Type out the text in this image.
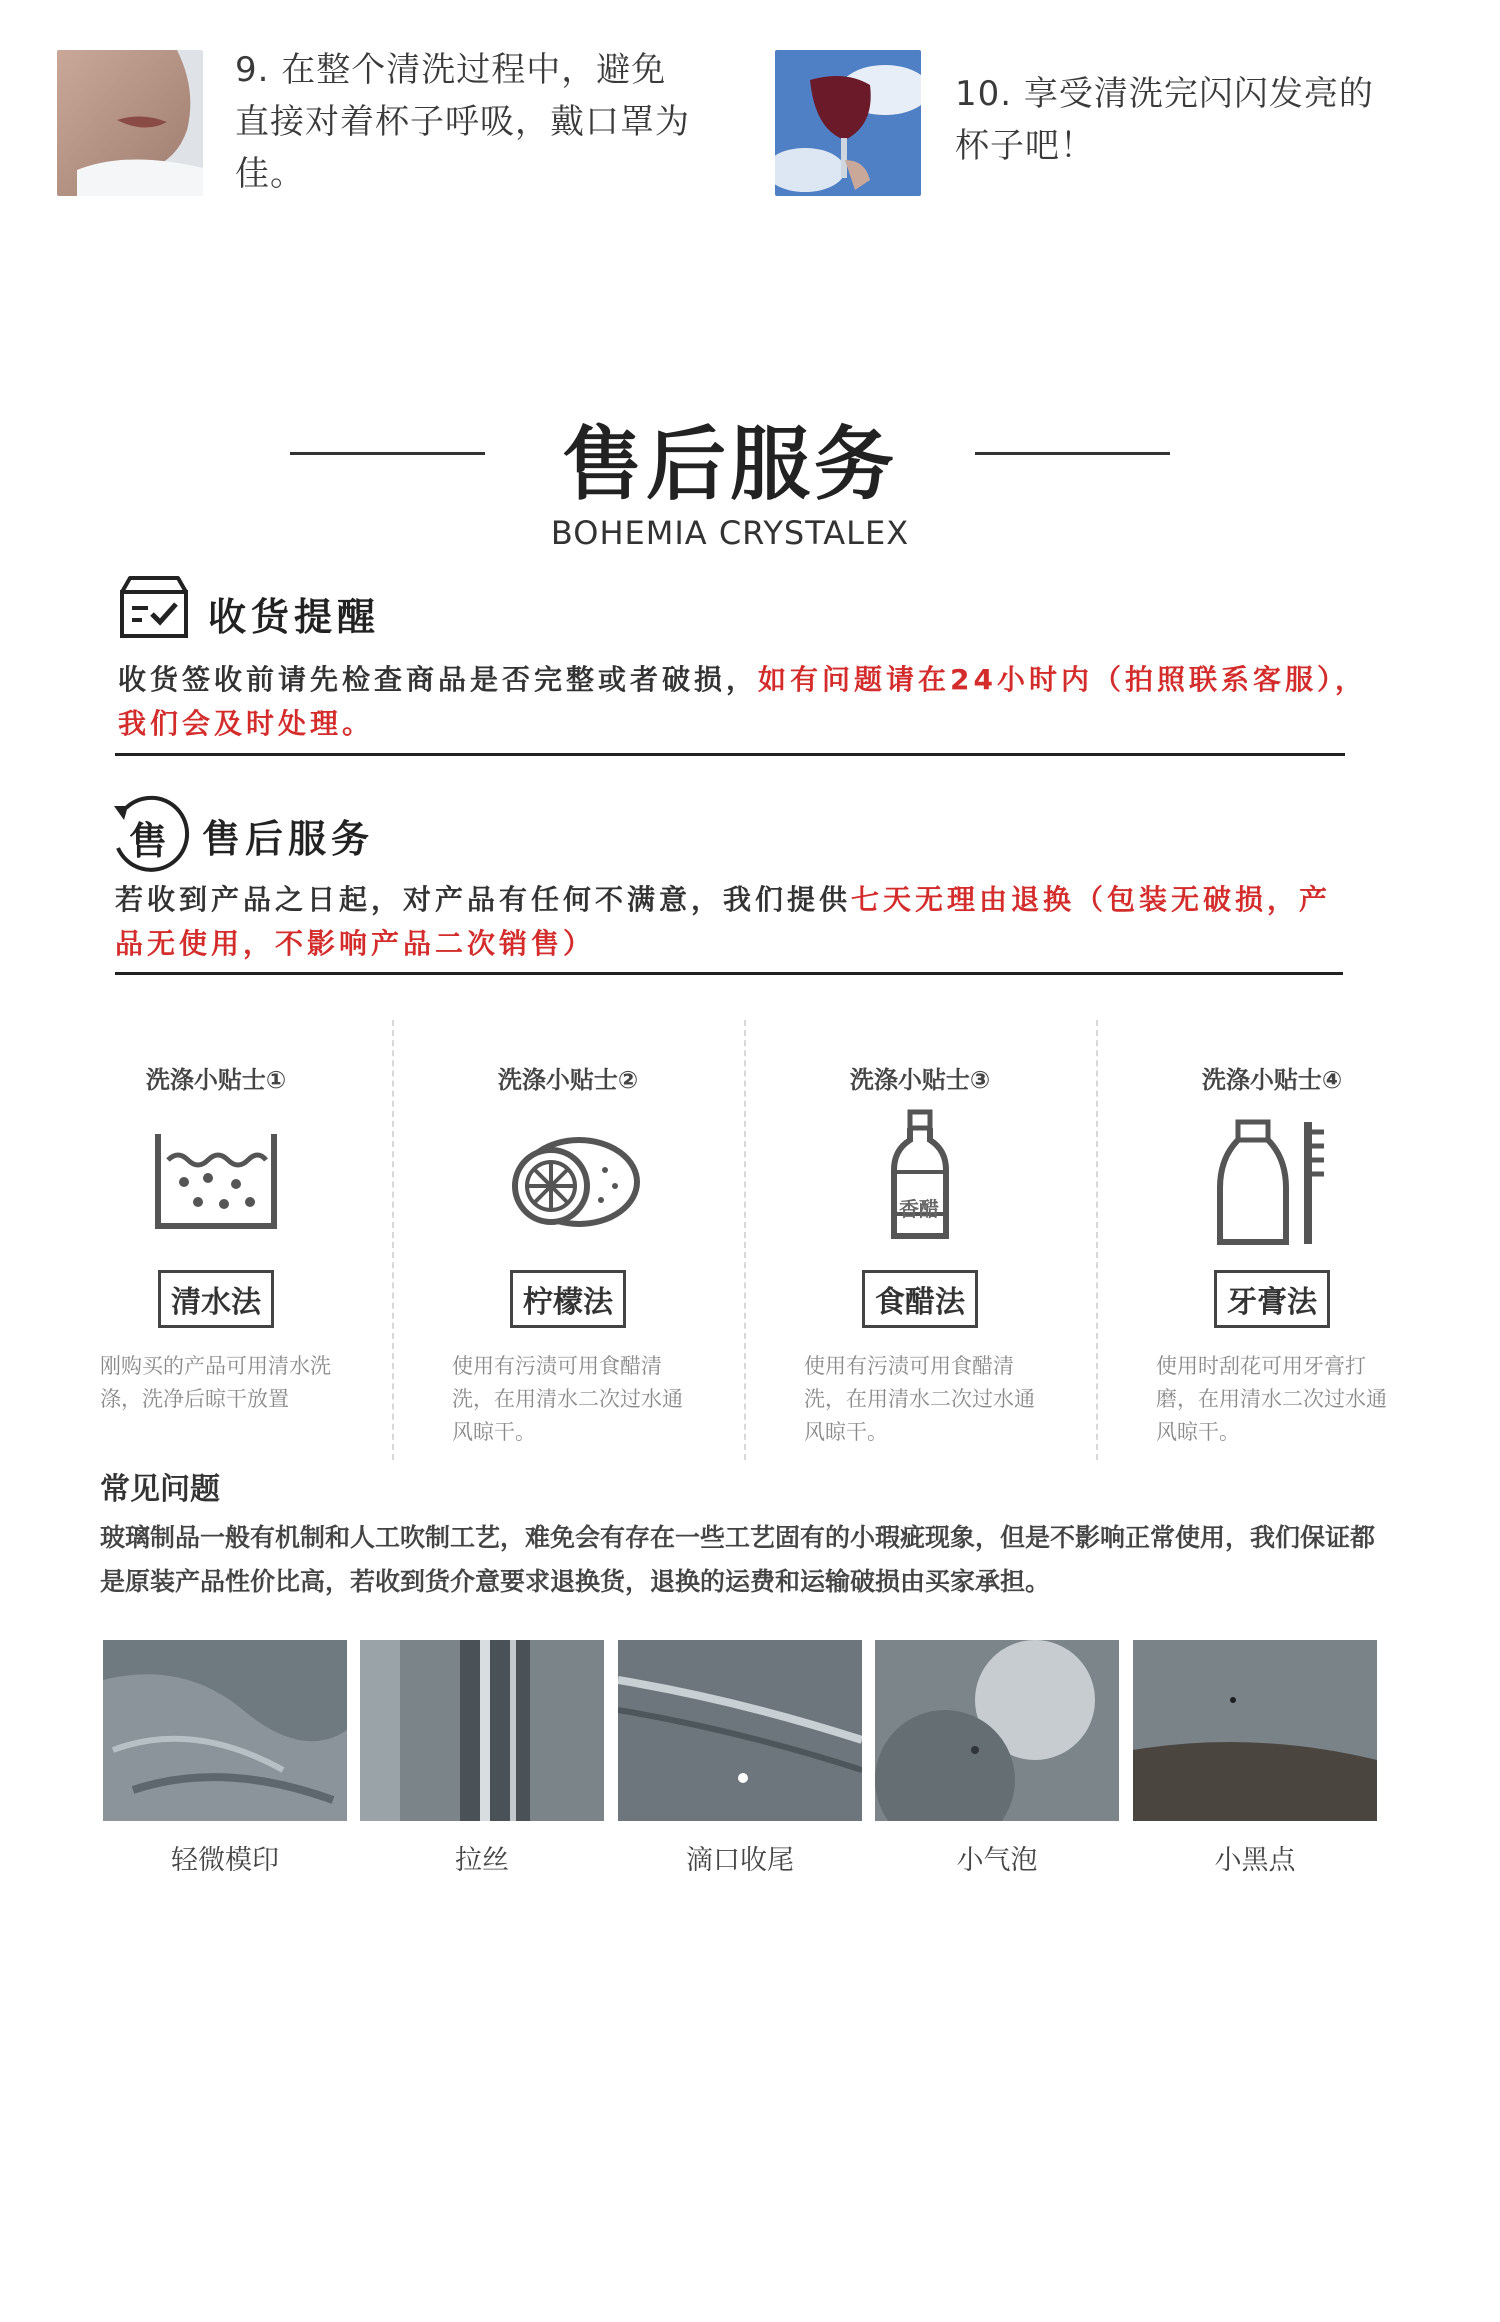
9. 在整个清洗过程中，避免直接对着杯子呼吸，戴口罩为佳。
10. 享受清洗完闪闪发亮的杯子吧！
售后服务
BOHEMIA CRYSTALEX
收货提醒
收货签收前请先检查商品是否完整或者破损，如有问题请在24小时内（拍照联系客服），我们会及时处理。
售 售后服务
若收到产品之日起，对产品有任何不满意，我们提供七天无理由退换（包装无破损，产品无使用，不影响产品二次销售）
洗涤小贴士①
清水法
刚购买的产品可用清水洗涤，洗净后晾干放置
洗涤小贴士②
柠檬法
使用有污渍可用食醋清洗，在用清水二次过水通风晾干。
洗涤小贴士③
香醋
食醋法
使用有污渍可用食醋清洗，在用清水二次过水通风晾干。
洗涤小贴士④
牙膏法
使用时刮花可用牙膏打磨，在用清水二次过水通风晾干。
常见问题
玻璃制品一般有机制和人工吹制工艺，难免会有存在一些工艺固有的小瑕疵现象，但是不影响正常使用，我们保证都是原装产品性价比高，若收到货介意要求退换货，退换的运费和运输破损由买家承担。
轻微模印	拉丝	滴口收尾	小气泡	小黑点
